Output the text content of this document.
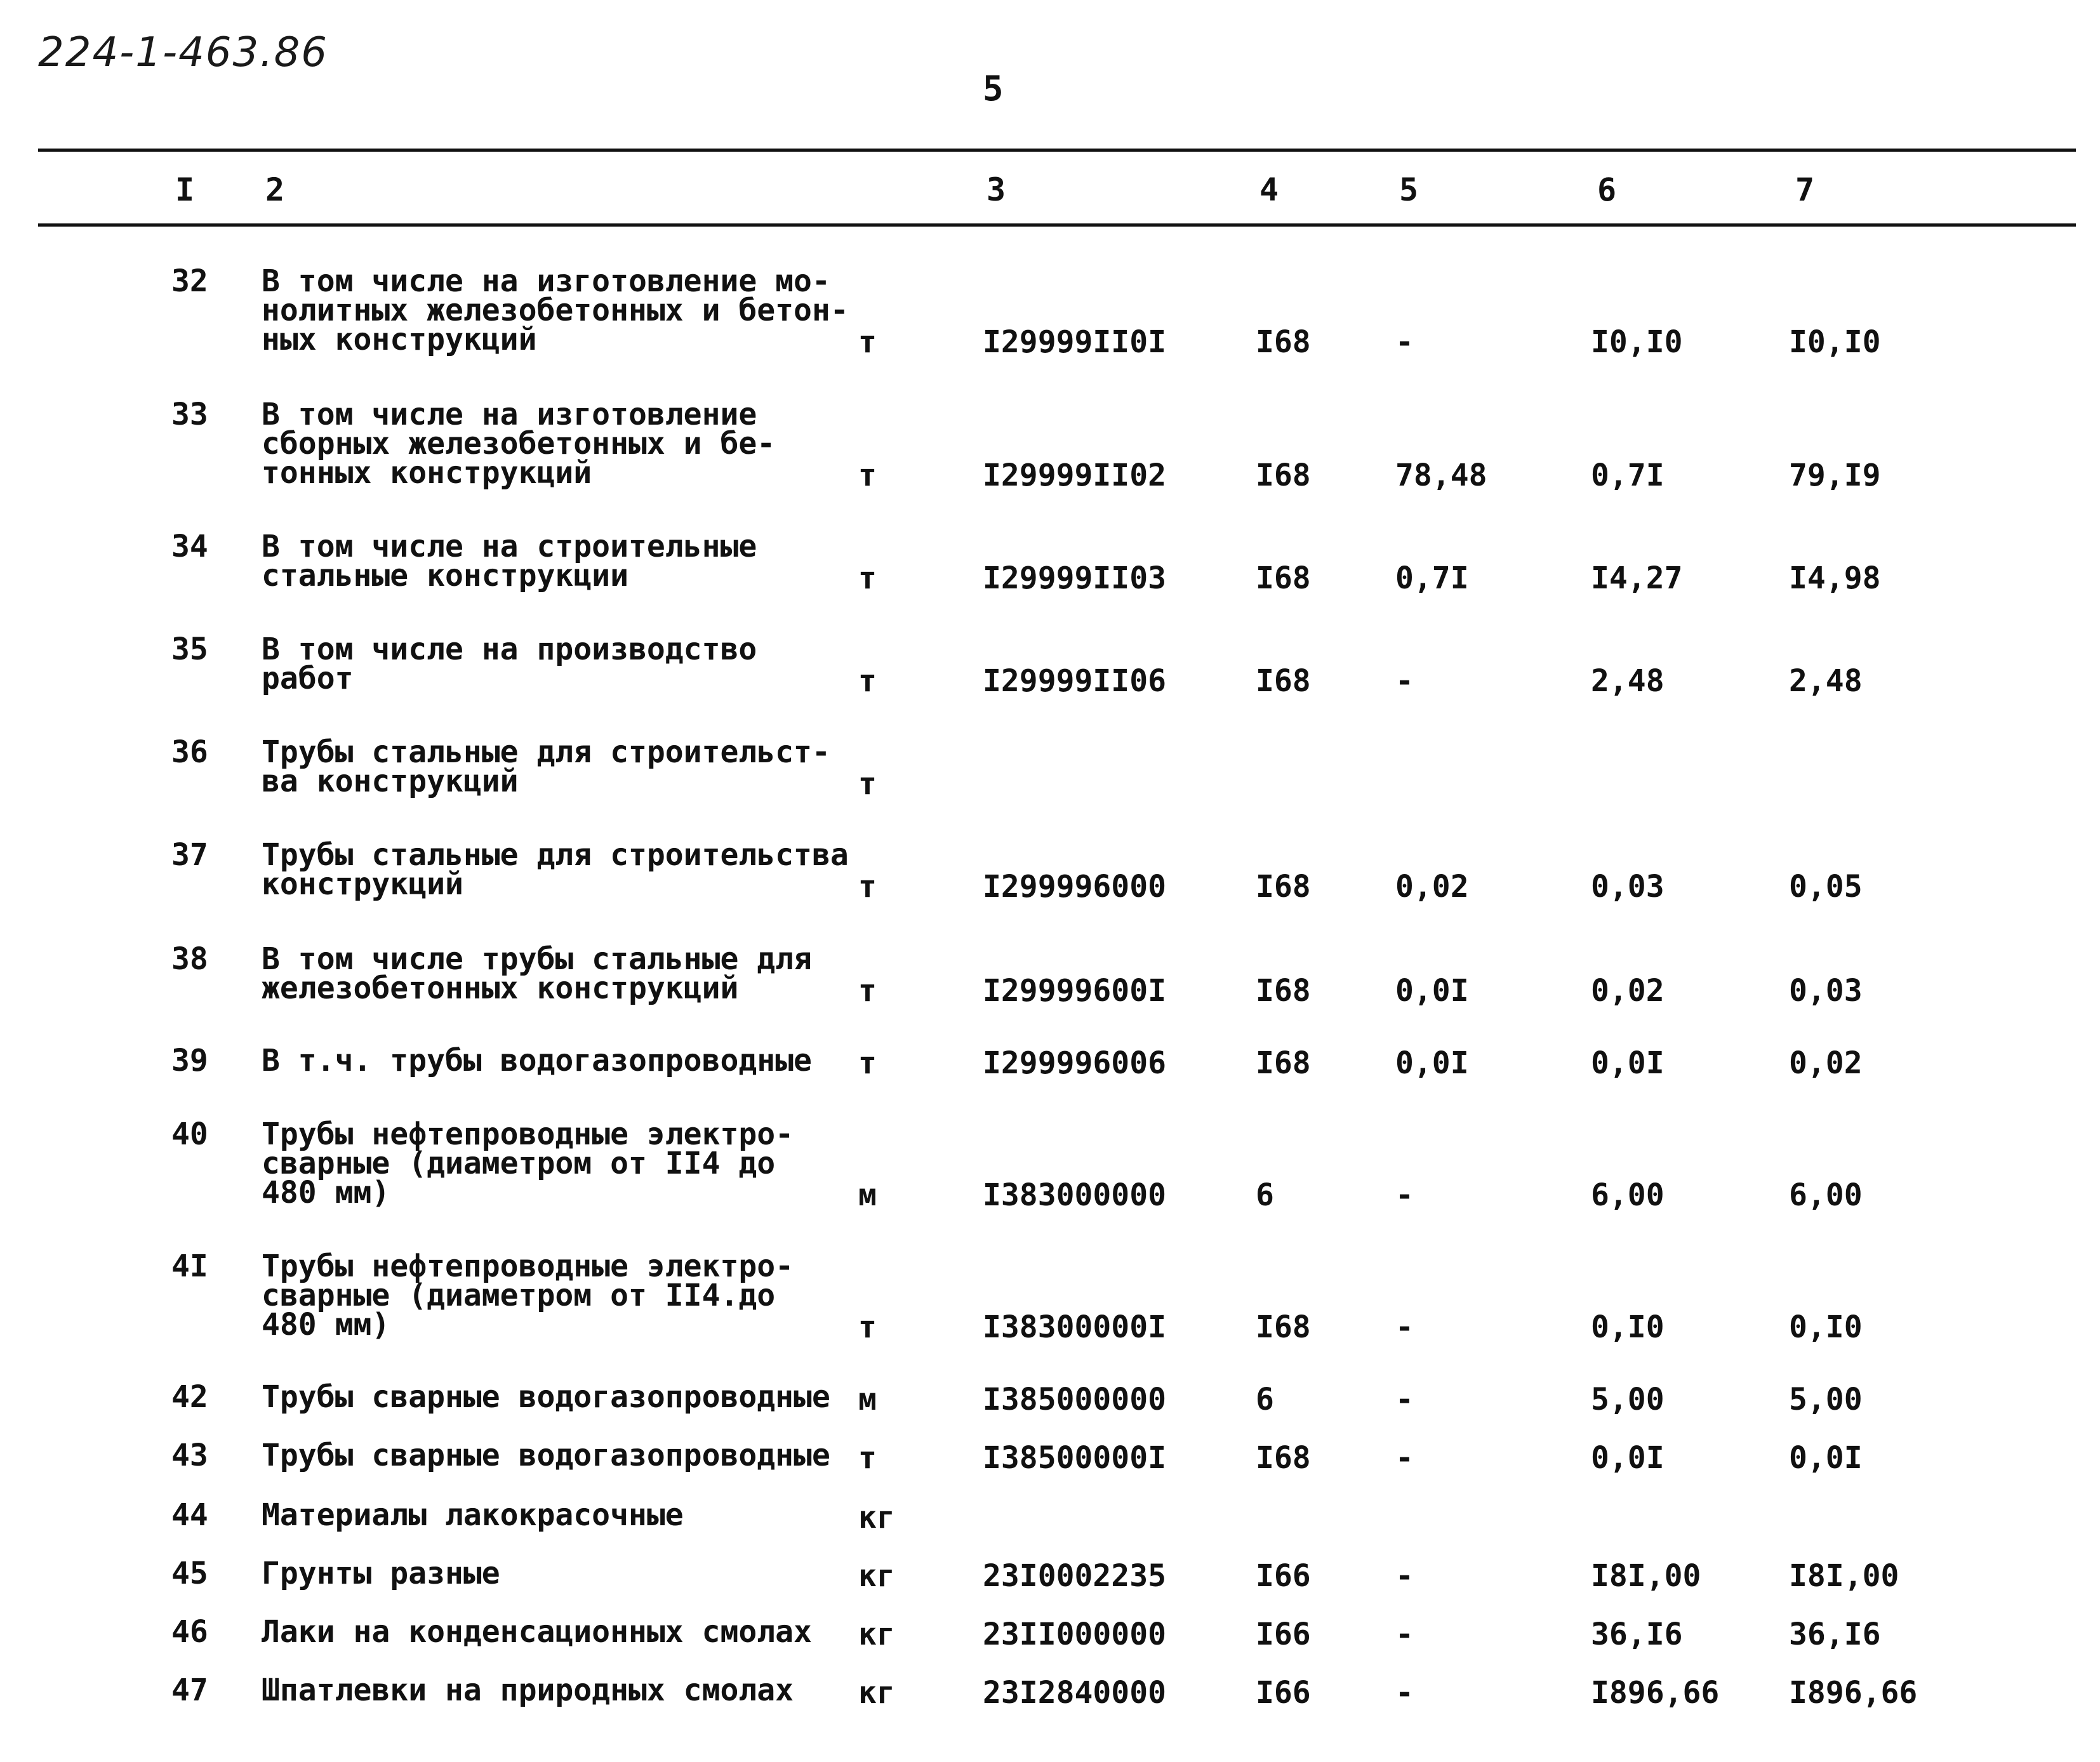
224-1-463.86
5
I 2	3	4	5	6	7
32 В том числе на изготовление мо-
нолитных железобетонных и бетон-
ных конструкций	т	I29999II0I	I68	-	I0,I0	I0,I0
33 В том числе на изготовление
сборных железобетонных и бе-
тонных конструкций	т	I29999II02	I68	78,48	0,7I	79,I9
34 В том числе на строительные
стальные конструкции	т	I29999II03	I68	0,7I	I4,27	I4,98
35 В том числе на производство
работ	т	I29999II06	I68	-	2,48	2,48
36 Трубы стальные для строительст-
ва конструкций	т
37 Трубы стальные для строительства
конструкций	т	I299996000	I68	0,02	0,03	0,05
38 В том числе трубы стальные для
железобетонных конструкций	т	I29999600I	I68	0,0I	0,02	0,03
39 В т.ч. трубы водогазопроводные т	I299996006	I68	0,0I	0,0I	0,02
40 Трубы нефтепроводные электро-
сварные (диаметром от II4 до
480 мм)	м	I383000000	6	-	6,00	6,00
4I Трубы нефтепроводные электро-
сварные (диаметром от II4.до
480 мм)	т	I38300000I	I68	-	0,I0	0,I0
42 Трубы сварные водогазопроводные м	I385000000	6	-	5,00	5,00
43 Трубы сварные водогазопроводные т	I38500000I	I68	-	0,0I	0,0I
44 Материалы лакокрасочные	кг
45 Грунты разные	кг	23I0002235	I66	-	I8I,00	I8I,00
46 Лаки на конденсационных смолах кг	23II000000	I66	-	36,I6	36,I6
47 Шпатлевки на природных смолах кг	23I2840000	I66	-	I896,66 I896,66
